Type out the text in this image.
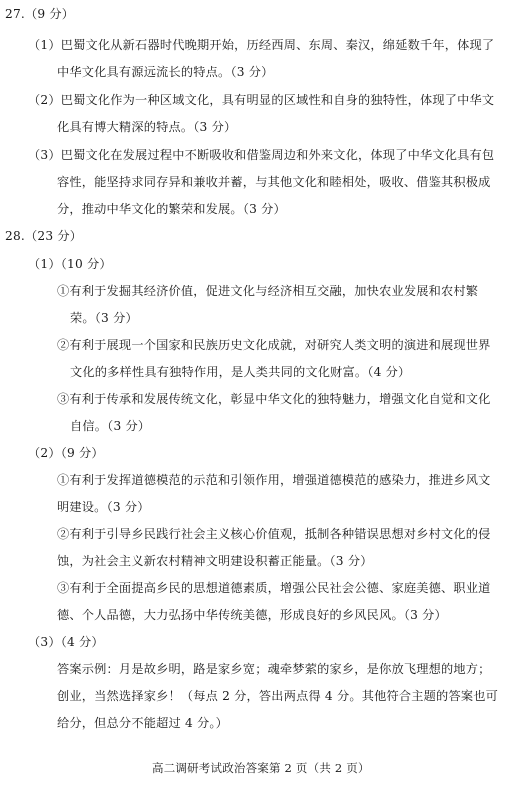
27.（9 分）
（1）巴蜀文化从新石器时代晚期开始，历经西周、东周、秦汉，绵延数千年，体现了
中华文化具有源远流长的特点。（3 分）
（2）巴蜀文化作为一种区域文化，具有明显的区域性和自身的独特性，体现了中华文
化具有博大精深的特点。（3 分）
（3）巴蜀文化在发展过程中不断吸收和借鉴周边和外来文化，体现了中华文化具有包
容性，能坚持求同存异和兼收并蓄，与其他文化和睦相处，吸收、借鉴其积极成
分，推动中华文化的繁荣和发展。（3 分）
28.（23 分）
（1）（10 分）
①有利于发掘其经济价值，促进文化与经济相互交融，加快农业发展和农村繁
荣。（3 分）
②有利于展现一个国家和民族历史文化成就，对研究人类文明的演进和展现世界
文化的多样性具有独特作用，是人类共同的文化财富。（4 分）
③有利于传承和发展传统文化，彰显中华文化的独特魅力，增强文化自觉和文化
自信。（3 分）
（2）（9 分）
①有利于发挥道德模范的示范和引领作用，增强道德模范的感染力，推进乡风文
明建设。（3 分）
②有利于引导乡民践行社会主义核心价值观，抵制各种错误思想对乡村文化的侵
蚀，为社会主义新农村精神文明建设积蓄正能量。（3 分）
③有利于全面提高乡民的思想道德素质，增强公民社会公德、家庭美德、职业道
德、个人品德，大力弘扬中华传统美德，形成良好的乡风民风。（3 分）
（3）（4 分）
答案示例：月是故乡明，路是家乡宽；魂牵梦萦的家乡，是你放飞理想的地方；
创业，当然选择家乡！（每点 2 分，答出两点得 4 分。其他符合主题的答案也可
给分，但总分不能超过 4 分。）
高二调研考试政治答案第 2 页（共 2 页）
